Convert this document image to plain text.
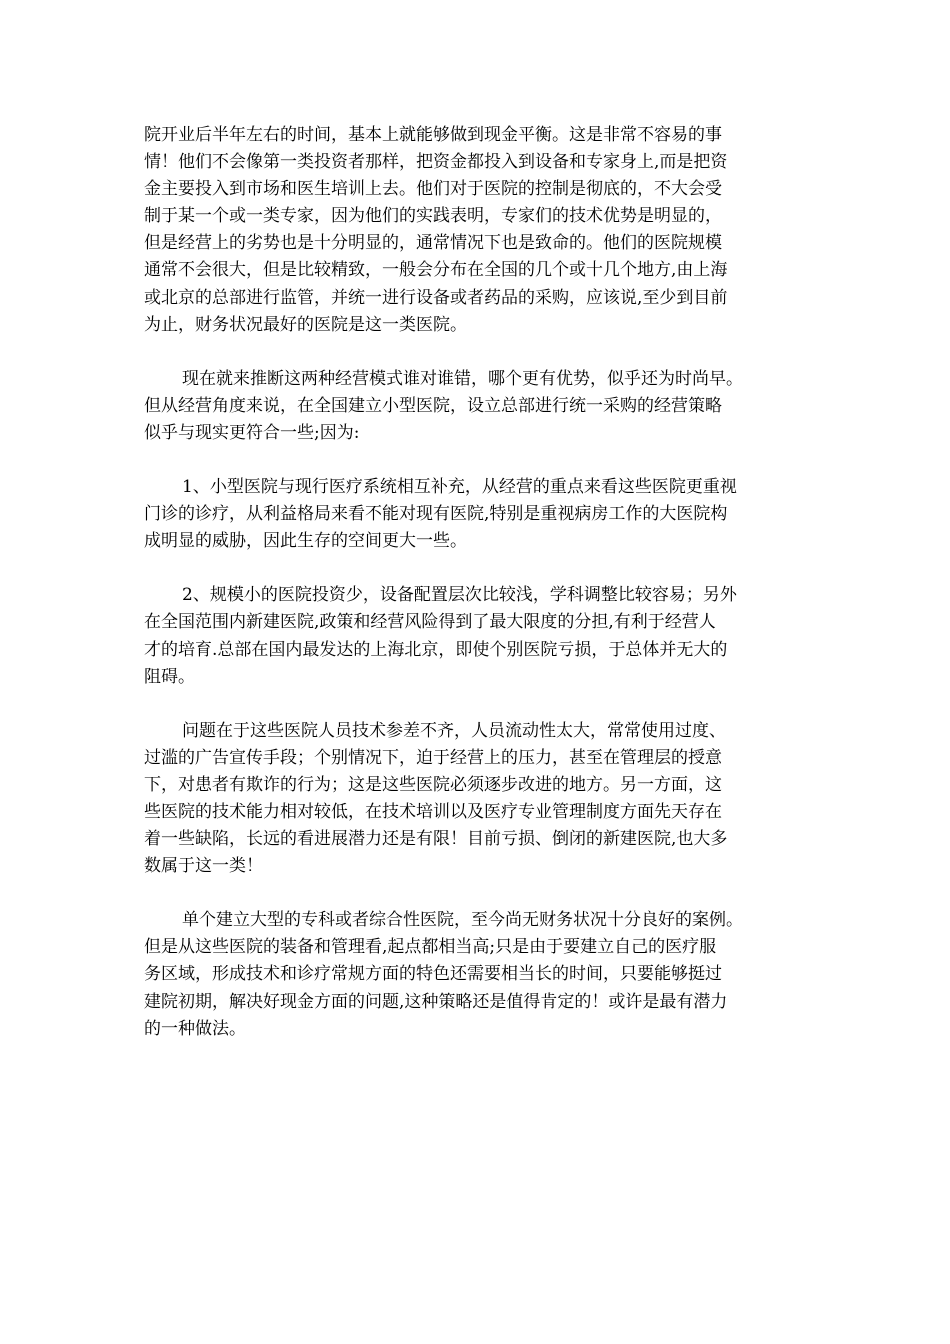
院开业后半年左右的时间，基本上就能够做到现金平衡。这是非常不容易的事
情！他们不会像第一类投资者那样，把资金都投入到设备和专家身上,而是把资
金主要投入到市场和医生培训上去。他们对于医院的控制是彻底的，不大会受
制于某一个或一类专家，因为他们的实践表明，专家们的技术优势是明显的，
但是经营上的劣势也是十分明显的，通常情况下也是致命的。他们的医院规模
通常不会很大，但是比较精致，一般会分布在全国的几个或十几个地方,由上海
或北京的总部进行监管，并统一进行设备或者药品的采购，应该说,至少到目前
为止，财务状况最好的医院是这一类医院。
现在就来推断这两种经营模式谁对谁错，哪个更有优势，似乎还为时尚早。
但从经营角度来说，在全国建立小型医院，设立总部进行统一采购的经营策略
似乎与现实更符合一些;因为:
1、小型医院与现行医疗系统相互补充，从经营的重点来看这些医院更重视
门诊的诊疗，从利益格局来看不能对现有医院,特别是重视病房工作的大医院构
成明显的威胁，因此生存的空间更大一些。
2、规模小的医院投资少，设备配置层次比较浅，学科调整比较容易；另外
在全国范围内新建医院,政策和经营风险得到了最大限度的分担,有利于经营人
才的培育.总部在国内最发达的上海北京，即使个别医院亏损，于总体并无大的
阻碍。
问题在于这些医院人员技术参差不齐，人员流动性太大，常常使用过度、
过滥的广告宣传手段；个别情况下，迫于经营上的压力，甚至在管理层的授意
下，对患者有欺诈的行为；这是这些医院必须逐步改进的地方。另一方面，这
些医院的技术能力相对较低，在技术培训以及医疗专业管理制度方面先天存在
着一些缺陷，长远的看进展潜力还是有限！目前亏损、倒闭的新建医院,也大多
数属于这一类！
单个建立大型的专科或者综合性医院，至今尚无财务状况十分良好的案例。
但是从这些医院的装备和管理看,起点都相当高;只是由于要建立自己的医疗服
务区域，形成技术和诊疗常规方面的特色还需要相当长的时间，只要能够挺过
建院初期，解决好现金方面的问题,这种策略还是值得肯定的！或许是最有潜力
的一种做法。
